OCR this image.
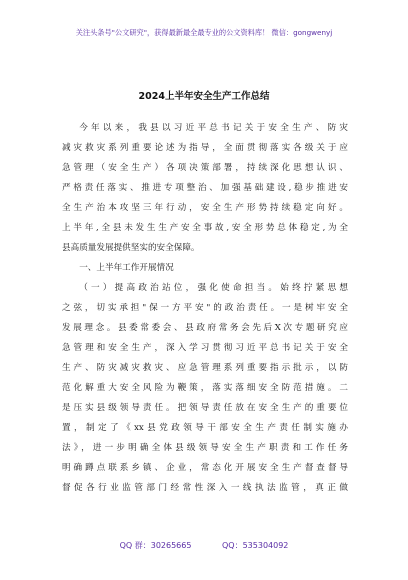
关注头条号"公文研究"，获得最新最全最专业的公文资料库！ 微信：gongwenyj
2024上半年安全生产工作总结
今年以来，我县以习近平总书记关于安全生产、防灾
减灾救灾系列重要论述为指导，全面贯彻落实各级关于应
急管理（安全生产）各项决策部署，持续深化思想认识、
严格责任落实、推进专项整治、加强基础建设,稳步推进安
全生产治本攻坚三年行动，安全生产形势持续稳定向好。
上半年,全县未发生生产安全事故,安全形势总体稳定,为全
县高质量发展提供坚实的安全保障。
一、上半年工作开展情况
（一）提高政治站位，强化使命担当。始终拧紧思想
之弦，切实承担"保一方平安"的政治责任。一是树牢安全
发展理念。县委常委会、县政府常务会先后X次专题研究应
急管理和安全生产，深入学习贯彻习近平总书记关于安全
生产、防灾减灾救灾、应急管理系列重要指示批示，以防
范化解重大安全风险为鞭策，落实落细安全防范措施。二
是压实县级领导责任。把领导责任放在安全生产的重要位
置，制定了《xx县党政领导干部安全生产责任制实施办
法》，进一步明确全体县级领导安全生产职责和工作任务
明确蹲点联系乡镇、企业，常态化开展安全生产督查督导
督促各行业监管部门经常性深入一线执法监管，真正做
QQ 群：30265665	QQ：535304092
